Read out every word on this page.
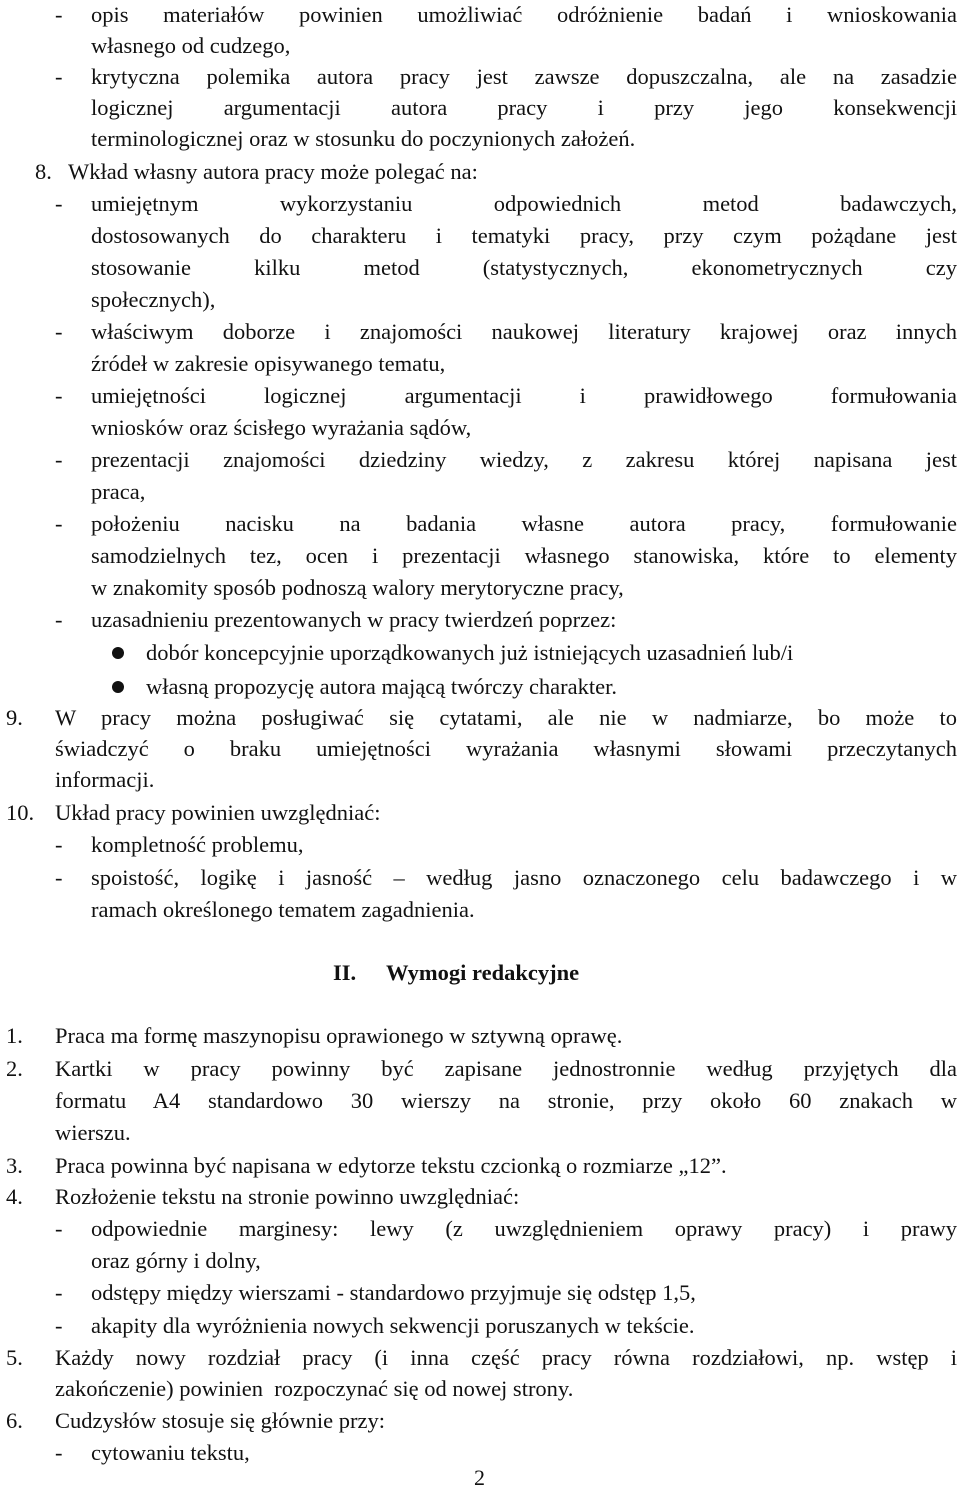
- opis materiałów powinien umożliwiać odróżnienie badań i wnioskowania
własnego od cudzego,
- krytyczna polemika autora pracy jest zawsze dopuszczalna, ale na zasadzie
logicznej argumentacji autora pracy i przy jego konsekwencji
terminologicznej oraz w stosunku do poczynionych założeń.
8. Wkład własny autora pracy może polegać na:
- umiejętnym wykorzystaniu odpowiednich metod badawczych,
dostosowanych do charakteru i tematyki pracy, przy czym pożądane jest
stosowanie kilku metod (statystycznych, ekonometrycznych czy
społecznych),
- właściwym doborze i znajomości naukowej literatury krajowej oraz innych
źródeł w zakresie opisywanego tematu,
- umiejętności logicznej argumentacji i prawidłowego formułowania
wniosków oraz ścisłego wyrażania sądów,
- prezentacji znajomości dziedziny wiedzy, z zakresu której napisana jest
praca,
- położeniu nacisku na badania własne autora pracy, formułowanie
samodzielnych tez, ocen i prezentacji własnego stanowiska, które to elementy
w znakomity sposób podnoszą walory merytoryczne pracy,
- uzasadnieniu prezentowanych w pracy twierdzeń poprzez:
dobór koncepcyjnie uporządkowanych już istniejących uzasadnień lub/i
własną propozycję autora mającą twórczy charakter.
9. W pracy można posługiwać się cytatami, ale nie w nadmiarze, bo może to
świadczyć o braku umiejętności wyrażania własnymi słowami przeczytanych
informacji.
10. Układ pracy powinien uwzględniać:
- kompletność problemu,
- spoistość, logikę i jasność – według jasno oznaczonego celu badawczego i w
ramach określonego tematem zagadnienia.
II. Wymogi redakcyjne
1. Praca ma formę maszynopisu oprawionego w sztywną oprawę.
2. Kartki w pracy powinny być zapisane jednostronnie według przyjętych dla
formatu A4 standardowo 30 wierszy na stronie, przy około 60 znakach w
wierszu.
3. Praca powinna być napisana w edytorze tekstu czcionką o rozmiarze „12”.
4. Rozłożenie tekstu na stronie powinno uwzględniać:
- odpowiednie marginesy: lewy (z uwzględnieniem oprawy pracy) i prawy
oraz górny i dolny,
- odstępy między wierszami - standardowo przyjmuje się odstęp 1,5,
- akapity dla wyróżnienia nowych sekwencji poruszanych w tekście.
5. Każdy nowy rozdział pracy (i inna część pracy równa rozdziałowi, np. wstęp i
zakończenie) powinien  rozpoczynać się od nowej strony.
6. Cudzysłów stosuje się głównie przy:
- cytowaniu tekstu,
2
